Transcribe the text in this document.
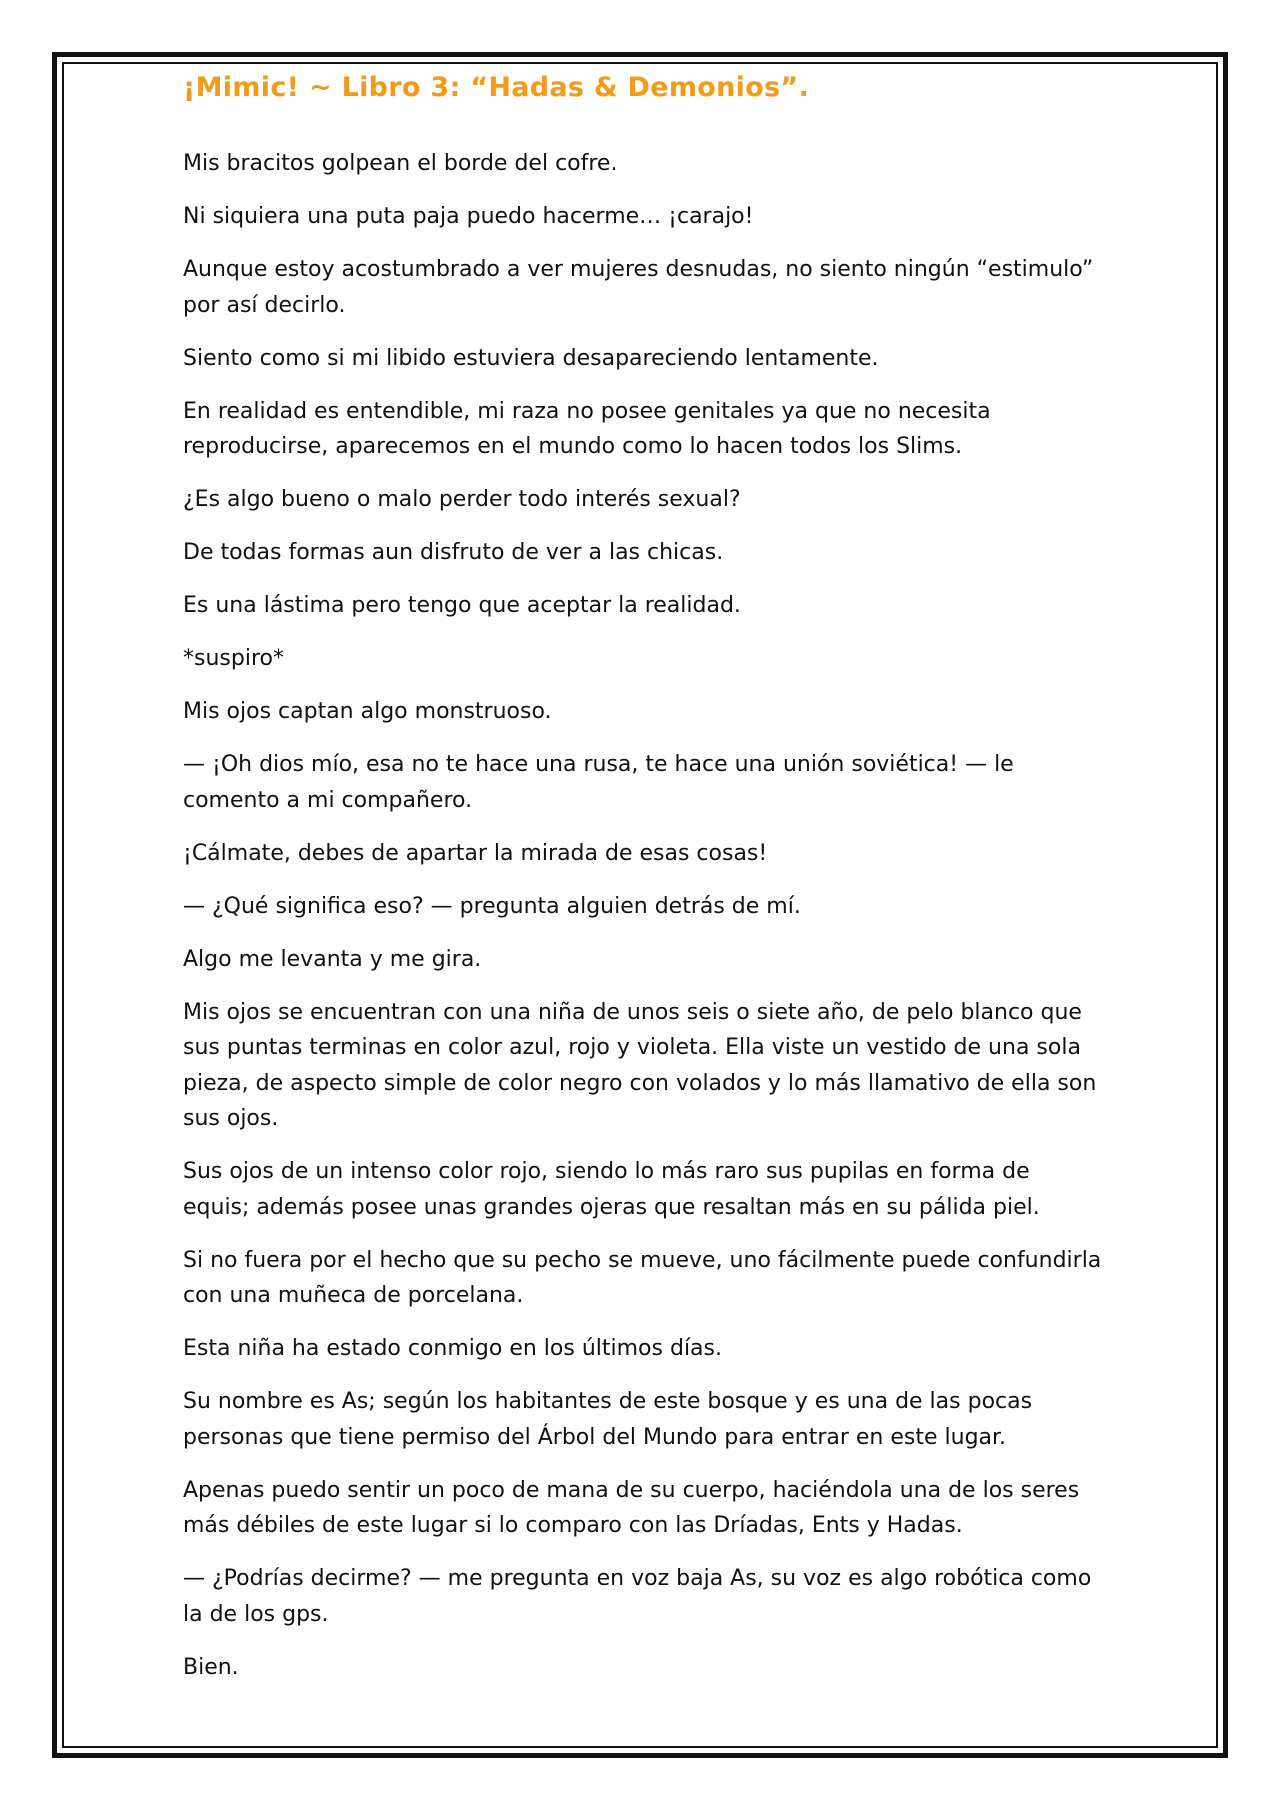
¡Mimic! ~ Libro 3: “Hadas & Demonios”.

Mis bracitos golpean el borde del cofre.

Ni siquiera una puta paja puedo hacerme… ¡carajo!

Aunque estoy acostumbrado a ver mujeres desnudas, no siento ningún “estimulo” por así decirlo.

Siento como si mi libido estuviera desapareciendo lentamente.

En realidad es entendible, mi raza no posee genitales ya que no necesita reproducirse, aparecemos en el mundo como lo hacen todos los Slims.

¿Es algo bueno o malo perder todo interés sexual?

De todas formas aun disfruto de ver a las chicas.

Es una lástima pero tengo que aceptar la realidad.

*suspiro*

Mis ojos captan algo monstruoso.

— ¡Oh dios mío, esa no te hace una rusa, te hace una unión soviética! — le comento a mi compañero.

¡Cálmate, debes de apartar la mirada de esas cosas!

— ¿Qué significa eso? — pregunta alguien detrás de mí.

Algo me levanta y me gira.

Mis ojos se encuentran con una niña de unos seis o siete año, de pelo blanco que sus puntas terminas en color azul, rojo y violeta. Ella viste un vestido de una sola pieza, de aspecto simple de color negro con volados y lo más llamativo de ella son sus ojos.

Sus ojos de un intenso color rojo, siendo lo más raro sus pupilas en forma de equis; además posee unas grandes ojeras que resaltan más en su pálida piel.

Si no fuera por el hecho que su pecho se mueve, uno fácilmente puede confundirla con una muñeca de porcelana.

Esta niña ha estado conmigo en los últimos días.

Su nombre es As; según los habitantes de este bosque y es una de las pocas personas que tiene permiso del Árbol del Mundo para entrar en este lugar.

Apenas puedo sentir un poco de mana de su cuerpo, haciéndola una de los seres más débiles de este lugar si lo comparo con las Dríadas, Ents y Hadas.

— ¿Podrías decirme? — me pregunta en voz baja As, su voz es algo robótica como la de los gps.

Bien.
